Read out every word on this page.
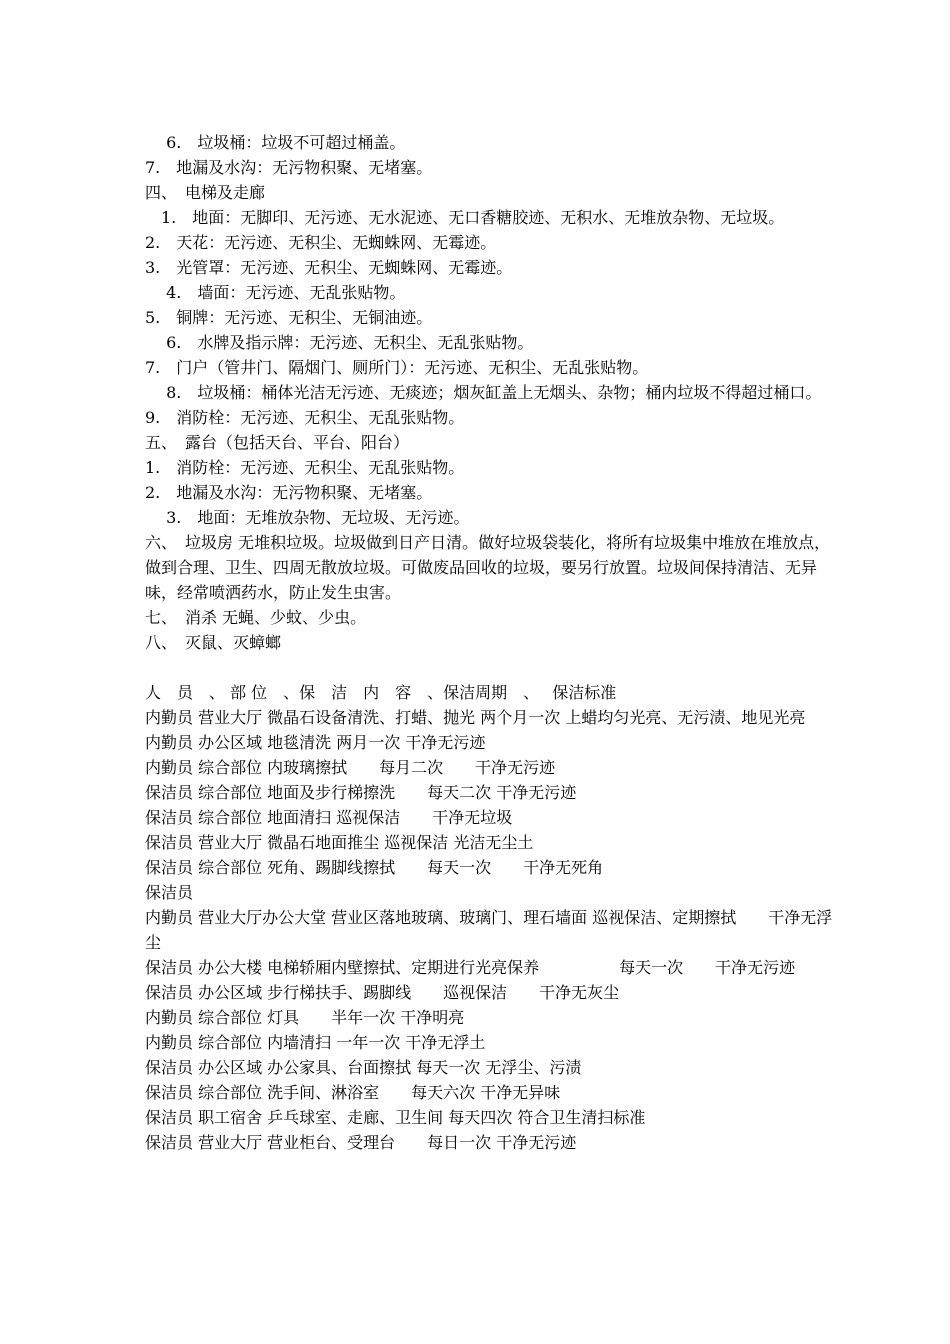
　 6.　垃圾桶：垃圾不可超过桶盖。

7.　地漏及水沟：无污物积聚、无堵塞。

四、　电梯及走廊

　1.　地面：无脚印、无污迹、无水泥迹、无口香糖胶迹、无积水、无堆放杂物、无垃圾。

2.　天花：无污迹、无积尘、无蜘蛛网、无霉迹。

3.　光管罩：无污迹、无积尘、无蜘蛛网、无霉迹。

　 4.　墙面：无污迹、无乱张贴物。

5.　铜牌：无污迹、无积尘、无铜油迹。

　 6.　水牌及指示牌：无污迹、无积尘、无乱张贴物。

7.　门户（管井门、隔烟门、厕所门）：无污迹、无积尘、无乱张贴物。

　 8.　垃圾桶：桶体光洁无污迹、无痰迹；烟灰缸盖上无烟头、杂物；桶内垃圾不得超过桶口。

9.　消防栓：无污迹、无积尘、无乱张贴物。

五、　露台（包括天台、平台、阳台）

1.　消防栓：无污迹、无积尘、无乱张贴物。

2.　地漏及水沟：无污物积聚、无堵塞。

　 3.　地面：无堆放杂物、无垃圾、无污迹。

六、　垃圾房 无堆积垃圾。垃圾做到日产日清。做好垃圾袋装化，将所有垃圾集中堆放在堆放点，做到合理、卫生、四周无散放垃圾。可做废品回收的垃圾，要另行放置。垃圾间保持清洁、无异味，经常喷洒药水，防止发生虫害。

七、　消杀 无蝇、少蚊、少虫。

八、　灭鼠、灭蟑螂

人　员　、 部 位　、保　洁　内　容　、保洁周期　、　 保洁标准

内勤员 营业大厅 微晶石设备清洗、打蜡、抛光 两个月一次 上蜡均匀光亮、无污渍、地见光亮

内勤员 办公区域 地毯清洗 两月一次 干净无污迹

内勤员 综合部位 内玻璃擦拭　　每月二次　　干净无污迹

保洁员 综合部位 地面及步行梯擦洗　　每天二次 干净无污迹

保洁员 综合部位 地面清扫 巡视保洁　　干净无垃圾

保洁员 营业大厅 微晶石地面推尘 巡视保洁 光洁无尘土

保洁员 综合部位 死角、踢脚线擦拭　　每天一次　　干净无死角

保洁员

内勤员 营业大厅办公大堂 营业区落地玻璃、玻璃门、理石墙面 巡视保洁、定期擦拭　　干净无浮尘

保洁员 办公大楼 电梯轿厢内壁擦拭、定期进行光亮保养　　　　　每天一次　　干净无污迹

保洁员 办公区域 步行梯扶手、踢脚线　　巡视保洁　　干净无灰尘

内勤员 综合部位 灯具　　半年一次 干净明亮

内勤员 综合部位 内墙清扫 一年一次 干净无浮土

保洁员 办公区域 办公家具、台面擦拭 每天一次 无浮尘、污渍

保洁员 综合部位 洗手间、淋浴室　　每天六次 干净无异味

保洁员 职工宿舍 乒乓球室、走廊、卫生间 每天四次 符合卫生清扫标准

保洁员 营业大厅 营业柜台、受理台　　每日一次 干净无污迹
